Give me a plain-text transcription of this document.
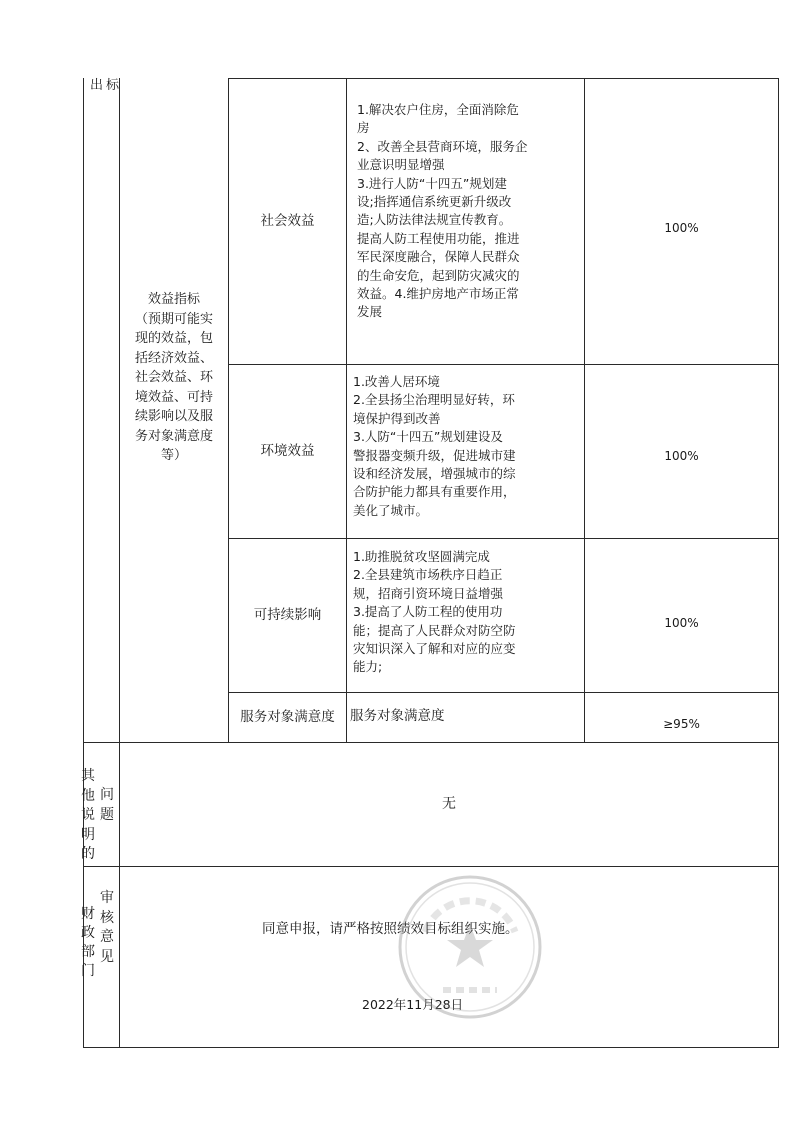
出标
效益指标
（预期可能实
现的效益，包
括经济效益、
社会效益、环
境效益、可持
续影响以及服
务对象满意度
等）
社会效益
1.解决农户住房，全面消除危
房
2、改善全县营商环境，服务企
业意识明显增强
3.进行人防“十四五”规划建
设;指挥通信系统更新升级改
造;人防法律法规宣传教育。
提高人防工程使用功能，推进
军民深度融合，保障人民群众
的生命安危，起到防灾减灾的
效益。4.维护房地产市场正常
发展
100%
环境效益
1.改善人居环境
2.全县扬尘治理明显好转，环
境保护得到改善
3.人防“十四五”规划建设及
警报器变频升级，促进城市建
设和经济发展，增强城市的综
合防护能力都具有重要作用，
美化了城市。
100%
可持续影响
1.助推脱贫攻坚圆满完成
2.全县建筑市场秩序日趋正
规，招商引资环境日益增强
3.提高了人防工程的使用功
能；提高了人民群众对防空防
灾知识深入了解和对应的应变
能力;
100%
服务对象满意度	服务对象满意度	≥95%
其他说明的
问题
无
财政部门
审核意见
同意申报，请严格按照绩效目标组织实施。
2022年11月28日
